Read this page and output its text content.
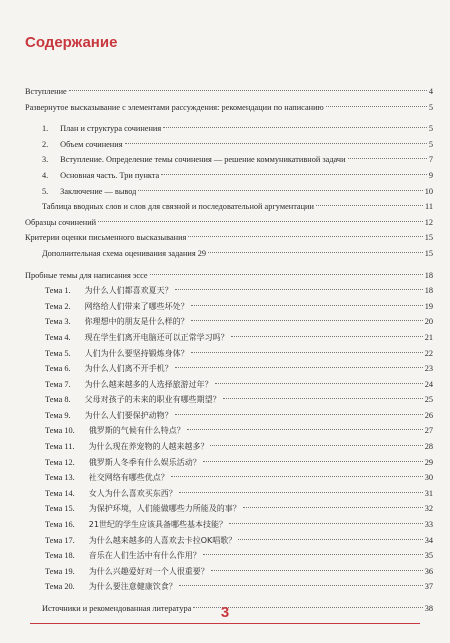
Содержание
Вступление	4
Развернутое высказывание с элементами рассуждения: рекомендации по написанию	5
1. План и структура сочинения	5
2. Объем сочинения	5
3. Вступление. Определение темы сочинения — решение коммуникативной задачи	7
4. Основная часть. Три пункта	9
5. Заключение — вывод	10
Таблица вводных слов и слов для связной и последовательной аргументации	11
Образцы сочинений	12
Критерии оценки письменного высказывания	15
Дополнительная схема оценивания задания 29	15
Пробные темы для написания эссе	18
Тема 1. 为什么人们都喜欢夏天？	18
Тема 2. 网络给人们带来了哪些坏处？	19
Тема 3. 你理想中的朋友是什么样的？	20
Тема 4. 现在学生们离开电脑还可以正常学习吗？	21
Тема 5. 人们为什么要坚持锻炼身体？	22
Тема 6. 为什么人们离不开手机？	23
Тема 7. 为什么越来越多的人选择旅游过年？	24
Тема 8. 父母对孩子的未来的职业有哪些期望？	25
Тема 9. 为什么人们要保护动物？	26
Тема 10. 俄罗斯的气候有什么特点？	27
Тема 11. 为什么现在养宠物的人越来越多？	28
Тема 12. 俄罗斯人冬季有什么娱乐活动？	29
Тема 13. 社交网络有哪些优点？	30
Тема 14. 女人为什么喜欢买东西？	31
Тема 15. 为保护环境，人们能做哪些力所能及的事？	32
Тема 16. 21世纪的学生应该具备哪些基本技能？	33
Тема 17. 为什么越来越多的人喜欢去卡拉OK唱歌？	34
Тема 18. 音乐在人们生活中有什么作用？	35
Тема 19. 为什么兴趣爱好对一个人很重要？	36
Тема 20. 为什么要注意健康饮食？	37
Источники и рекомендованная литература	38
3
